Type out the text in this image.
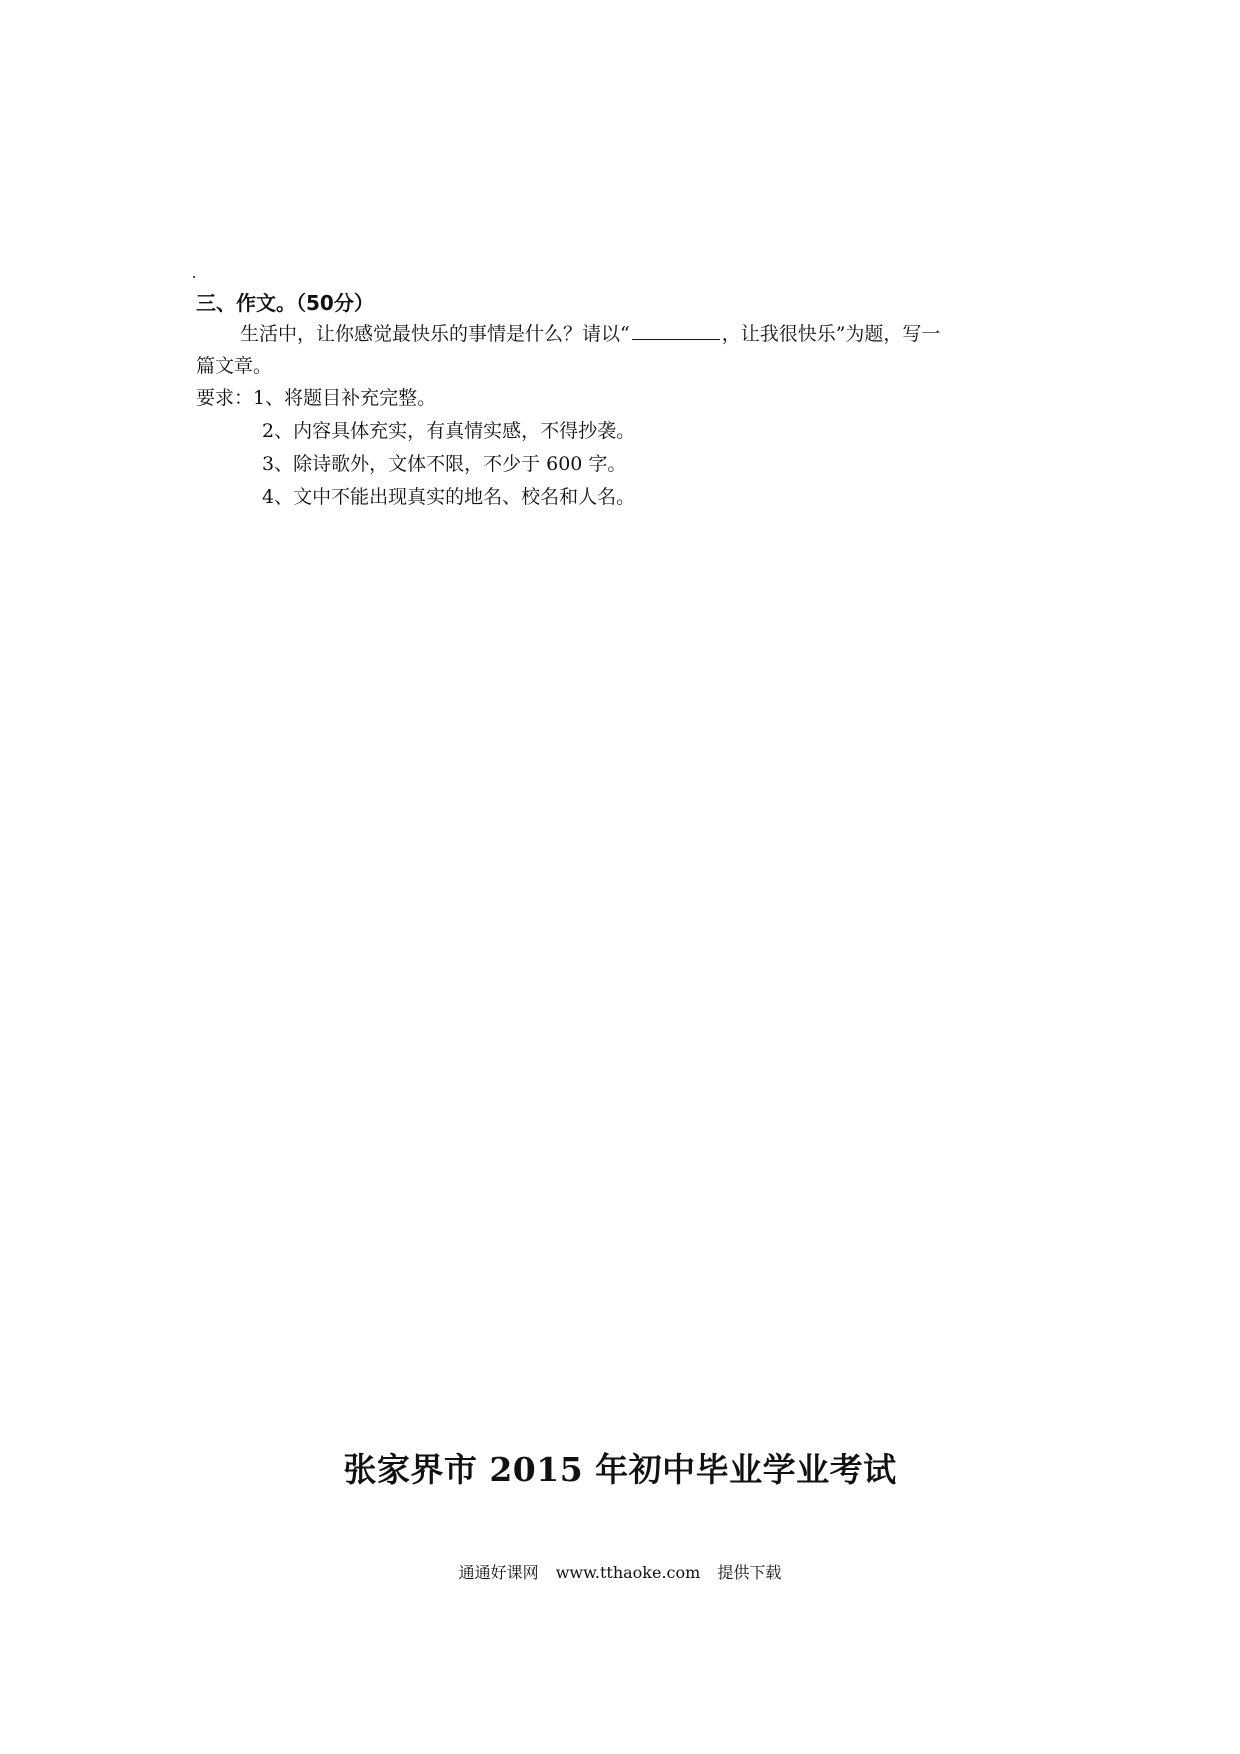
三、作文。（50分）

生活中，让你感觉最快乐的事情是什么？请以“	，让我很快乐”为题，写一
篇文章。
要求：1、将题目补充完整。
2、内容具体充实，有真情实感，不得抄袭。
3、除诗歌外，文体不限，不少于 600 字。
4、文中不能出现真实的地名、校名和人名。
张家界市 2015 年初中毕业学业考试
通通好课网 www.tthaoke.com 提供下载
